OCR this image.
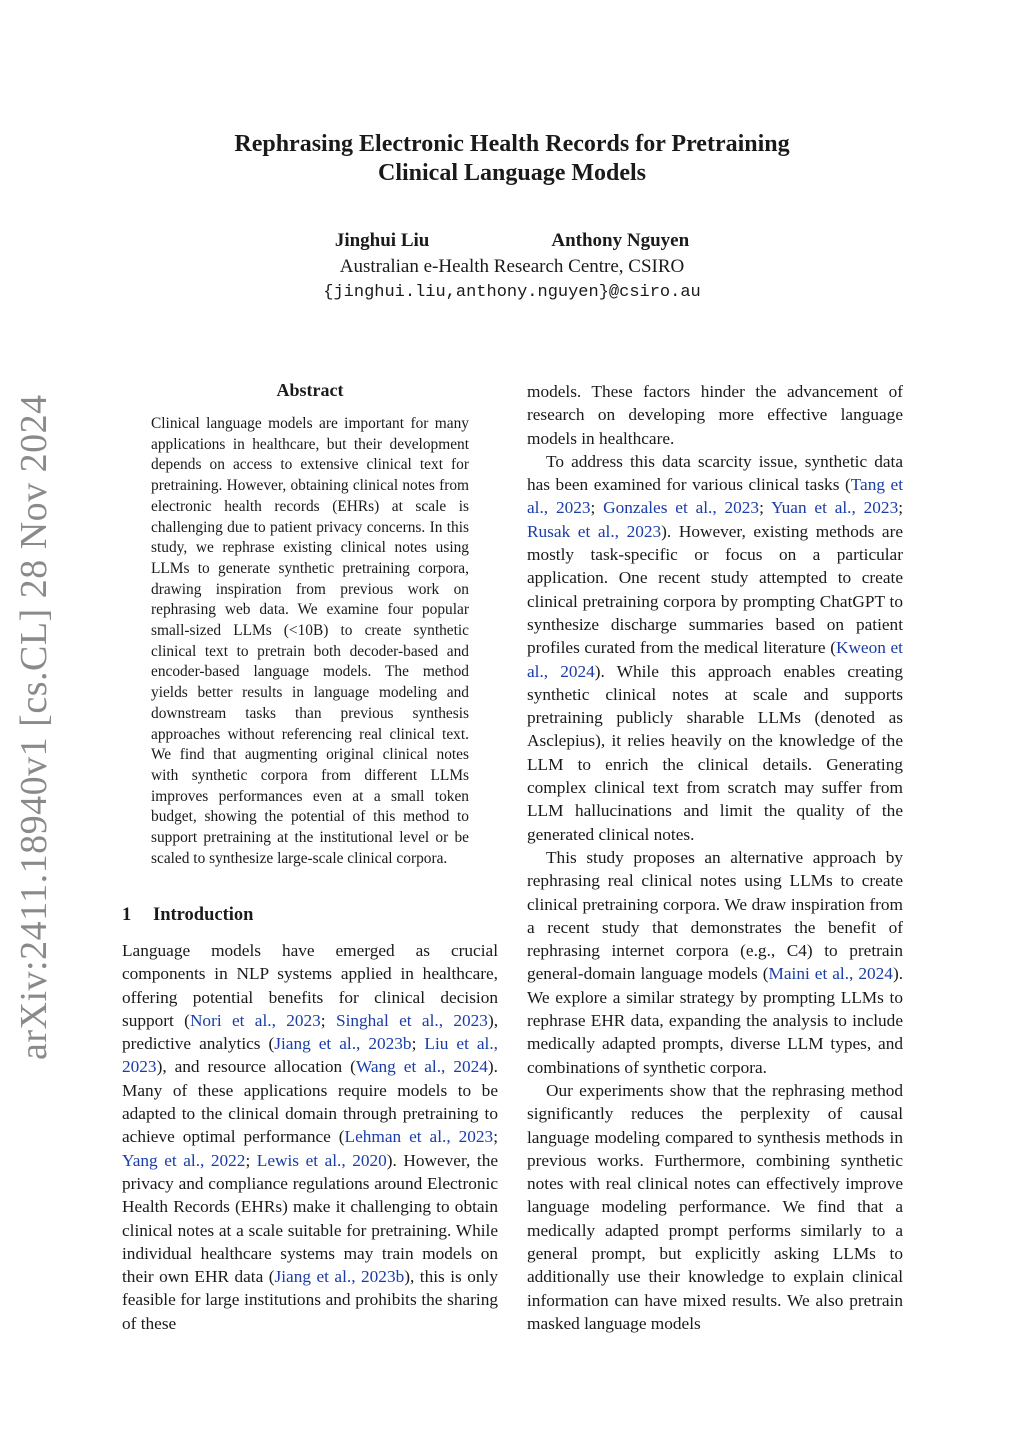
arXiv:2411.18940v1 [cs.CL] 28 Nov 2024
Rephrasing Electronic Health Records for Pretraining
Clinical Language Models
Jinghui Liu	Anthony Nguyen
Australian e-Health Research Centre, CSIRO
{jinghui.liu,anthony.nguyen}@csiro.au
Abstract
Clinical language models are important for many applications in healthcare, but their development depends on access to extensive clinical text for pretraining. However, obtaining clinical notes from electronic health records (EHRs) at scale is challenging due to patient privacy concerns. In this study, we rephrase existing clinical notes using LLMs to generate synthetic pretraining corpora, drawing inspiration from previous work on rephrasing web data. We examine four popular small-sized LLMs (<10B) to create synthetic clinical text to pretrain both decoder-based and encoder-based language models. The method yields better results in language modeling and downstream tasks than previous synthesis approaches without referencing real clinical text. We find that augmenting original clinical notes with synthetic corpora from different LLMs improves performances even at a small token budget, showing the potential of this method to support pretraining at the institutional level or be scaled to synthesize large-scale clinical corpora.
1 Introduction

Language models have emerged as crucial components in NLP systems applied in healthcare, offering potential benefits for clinical decision support (Nori et al., 2023; Singhal et al., 2023), predictive analytics (Jiang et al., 2023b; Liu et al., 2023), and resource allocation (Wang et al., 2024). Many of these applications require models to be adapted to the clinical domain through pretraining to achieve optimal performance (Lehman et al., 2023; Yang et al., 2022; Lewis et al., 2020). However, the privacy and compliance regulations around Electronic Health Records (EHRs) make it challenging to obtain clinical notes at a scale suitable for pretraining. While individual healthcare systems may train models on their own EHR data (Jiang et al., 2023b), this is only feasible for large institutions and prohibits the sharing of these

models. These factors hinder the advancement of research on developing more effective language models in healthcare.

To address this data scarcity issue, synthetic data has been examined for various clinical tasks (Tang et al., 2023; Gonzales et al., 2023; Yuan et al., 2023; Rusak et al., 2023). However, existing methods are mostly task-specific or focus on a particular application. One recent study attempted to create clinical pretraining corpora by prompting ChatGPT to synthesize discharge summaries based on patient profiles curated from the medical literature (Kweon et al., 2024). While this approach enables creating synthetic clinical notes at scale and supports pretraining publicly sharable LLMs (denoted as Asclepius), it relies heavily on the knowledge of the LLM to enrich the clinical details. Generating complex clinical text from scratch may suffer from LLM hallucinations and limit the quality of the generated clinical notes.

This study proposes an alternative approach by rephrasing real clinical notes using LLMs to create clinical pretraining corpora. We draw inspiration from a recent study that demonstrates the benefit of rephrasing internet corpora (e.g., C4) to pretrain general-domain language models (Maini et al., 2024). We explore a similar strategy by prompting LLMs to rephrase EHR data, expanding the analysis to include medically adapted prompts, diverse LLM types, and combinations of synthetic corpora.

Our experiments show that the rephrasing method significantly reduces the perplexity of causal language modeling compared to synthesis methods in previous works. Furthermore, combining synthetic notes with real clinical notes can effectively improve language modeling performance. We find that a medically adapted prompt performs similarly to a general prompt, but explicitly asking LLMs to additionally use their knowledge to explain clinical information can have mixed results. We also pretrain masked language models
